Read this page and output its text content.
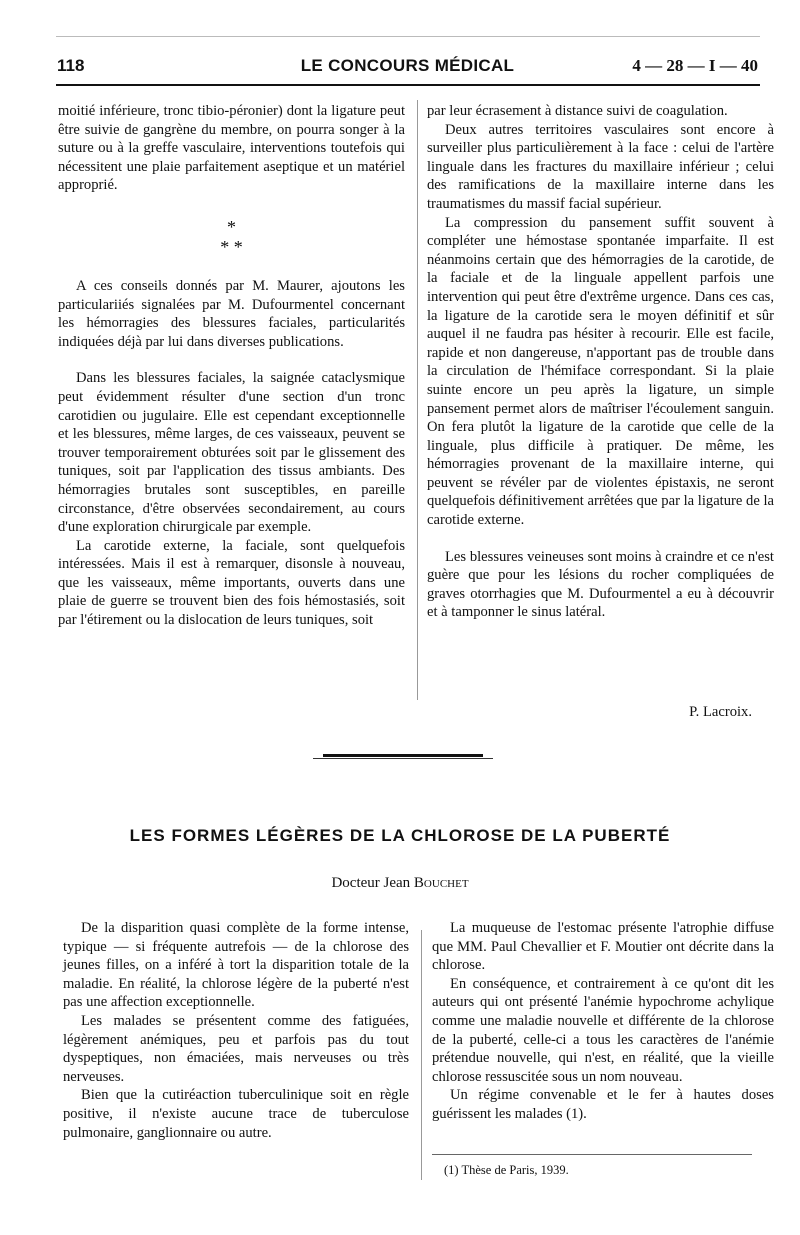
118	LE CONCOURS MÉDICAL	4 — 28 — I — 40

moitié inférieure, tronc tibio-péronier) dont la ligature peut être suivie de gangrène du membre, on pourra songer à la suture ou à la greffe vasculaire, interventions toutefois qui nécessitent une plaie parfaitement aseptique et un matériel approprié.

*
* *

A ces conseils donnés par M. Maurer, ajoutons les particulariiés signalées par M. Dufourmentel concernant les hémorragies des blessures faciales, particularités indiquées déjà par lui dans diverses publications.

Dans les blessures faciales, la saignée cataclysmique peut évidemment résulter d'une section d'un tronc carotidien ou jugulaire. Elle est cependant exceptionnelle et les blessures, même larges, de ces vaisseaux, peuvent se trouver temporairement obturées soit par le glissement des tuniques, soit par l'application des tissus ambiants. Des hémorragies brutales sont susceptibles, en pareille circonstance, d'être observées secondairement, au cours d'une exploration chirurgicale par exemple.

La carotide externe, la faciale, sont quelquefois intéressées. Mais il est à remarquer, disonsle à nouveau, que les vaisseaux, même importants, ouverts dans une plaie de guerre se trouvent bien des fois hémostasiés, soit par l'étirement ou la dislocation de leurs tuniques, soit

par leur écrasement à distance suivi de coagulation.

Deux autres territoires vasculaires sont encore à surveiller plus particulièrement à la face : celui de l'artère linguale dans les fractures du maxillaire inférieur ; celui des ramifications de la maxillaire interne dans les traumatismes du massif facial supérieur.

La compression du pansement suffit souvent à compléter une hémostase spontanée imparfaite. Il est néanmoins certain que des hémorragies de la carotide, de la faciale et de la linguale appellent parfois une intervention qui peut être d'extrême urgence. Dans ces cas, la ligature de la carotide sera le moyen définitif et sûr auquel il ne faudra pas hésiter à recourir. Elle est facile, rapide et non dangereuse, n'apportant pas de trouble dans la circulation de l'hémiface correspondant. Si la plaie suinte encore un peu après la ligature, un simple pansement permet alors de maîtriser l'écoulement sanguin. On fera plutôt la ligature de la carotide que celle de la linguale, plus difficile à pratiquer. De même, les hémorragies provenant de la maxillaire interne, qui peuvent se révéler par de violentes épistaxis, ne seront quelquefois définitivement arrêtées que par la ligature de la carotide externe.

Les blessures veineuses sont moins à craindre et ce n'est guère que pour les lésions du rocher compliquées de graves otorrhagies que M. Dufourmentel a eu à découvrir et à tamponner le sinus latéral.

P. Lacroix.
LES FORMES LÉGÈRES DE LA CHLOROSE DE LA PUBERTÉ
Docteur Jean Bouchet

De la disparition quasi complète de la forme intense, typique — si fréquente autrefois — de la chlorose des jeunes filles, on a inféré à tort la disparition totale de la maladie. En réalité, la chlorose légère de la puberté n'est pas une affection exceptionnelle.

Les malades se présentent comme des fatiguées, légèrement anémiques, peu et parfois pas du tout dyspeptiques, non émaciées, mais nerveuses ou très nerveuses.

Bien que la cutiréaction tuberculinique soit en règle positive, il n'existe aucune trace de tuberculose pulmonaire, ganglionnaire ou autre.

La muqueuse de l'estomac présente l'atrophie diffuse que MM. Paul Chevallier et F. Moutier ont décrite dans la chlorose.

En conséquence, et contrairement à ce qu'ont dit les auteurs qui ont présenté l'anémie hypochrome achylique comme une maladie nouvelle et différente de la chlorose de la puberté, celle-ci a tous les caractères de l'anémie prétendue nouvelle, qui n'est, en réalité, que la vieille chlorose ressuscitée sous un nom nouveau.

Un régime convenable et le fer à hautes doses guérissent les malades (1).

(1) Thèse de Paris, 1939.
